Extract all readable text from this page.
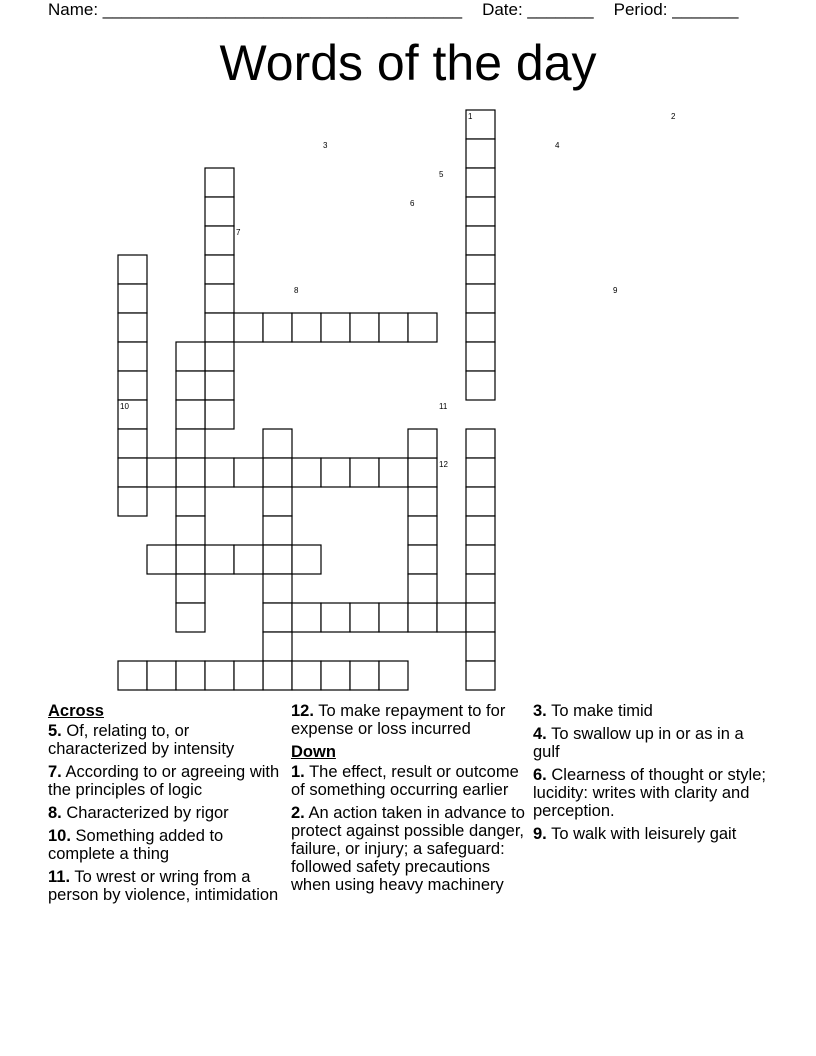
Name: ______________________________________ Date: _______ Period: _______
Words of the day
1	2
3	4
5
6
7
8	9
10	11
12
Across
5. Of, relating to, or characterized by intensity
7. According to or agreeing with the principles of logic
8. Characterized by rigor
10. Something added to complete a thing
11. To wrest or wring from a person by violence, intimidation
12. To make repayment to for expense or loss incurred
Down
1. The effect, result or outcome of something occurring earlier
2. An action taken in advance to protect against possible danger, failure, or injury; a safeguard: followed safety precautions when using heavy machinery
3. To make timid
4. To swallow up in or as in a gulf
6. Clearness of thought or style; lucidity: writes with clarity and perception.
9. To walk with leisurely gait
